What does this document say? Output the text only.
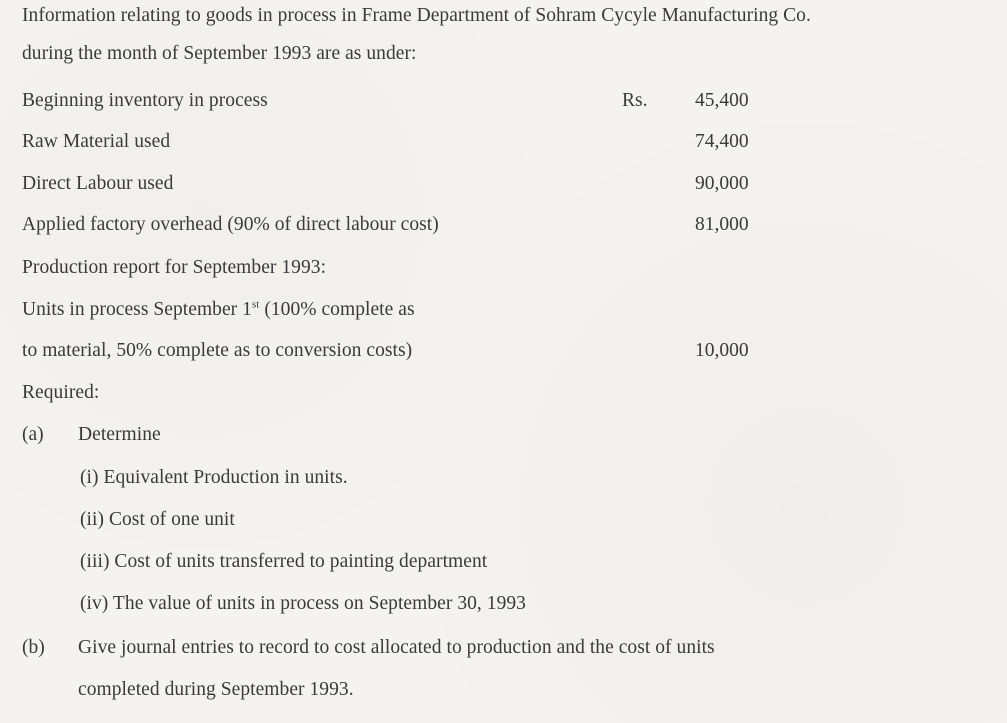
Information relating to goods in process in Frame Department of Sohram Cycyle Manufacturing Co.
during the month of September 1993 are as under:
Beginning inventory in process	Rs. 45,400
Raw Material used	74,400
Direct Labour used	90,000
Applied factory overhead (90% of direct labour cost)	81,000
Production report for September 1993:
Units in process September 1st (100% complete as
to material, 50% complete as to conversion costs)	10,000
Required:
(a) Determine
(i) Equivalent Production in units.
(ii) Cost of one unit
(iii) Cost of units transferred to painting department
(iv) The value of units in process on September 30, 1993
(b) Give journal entries to record to cost allocated to production and the cost of units
completed during September 1993.
